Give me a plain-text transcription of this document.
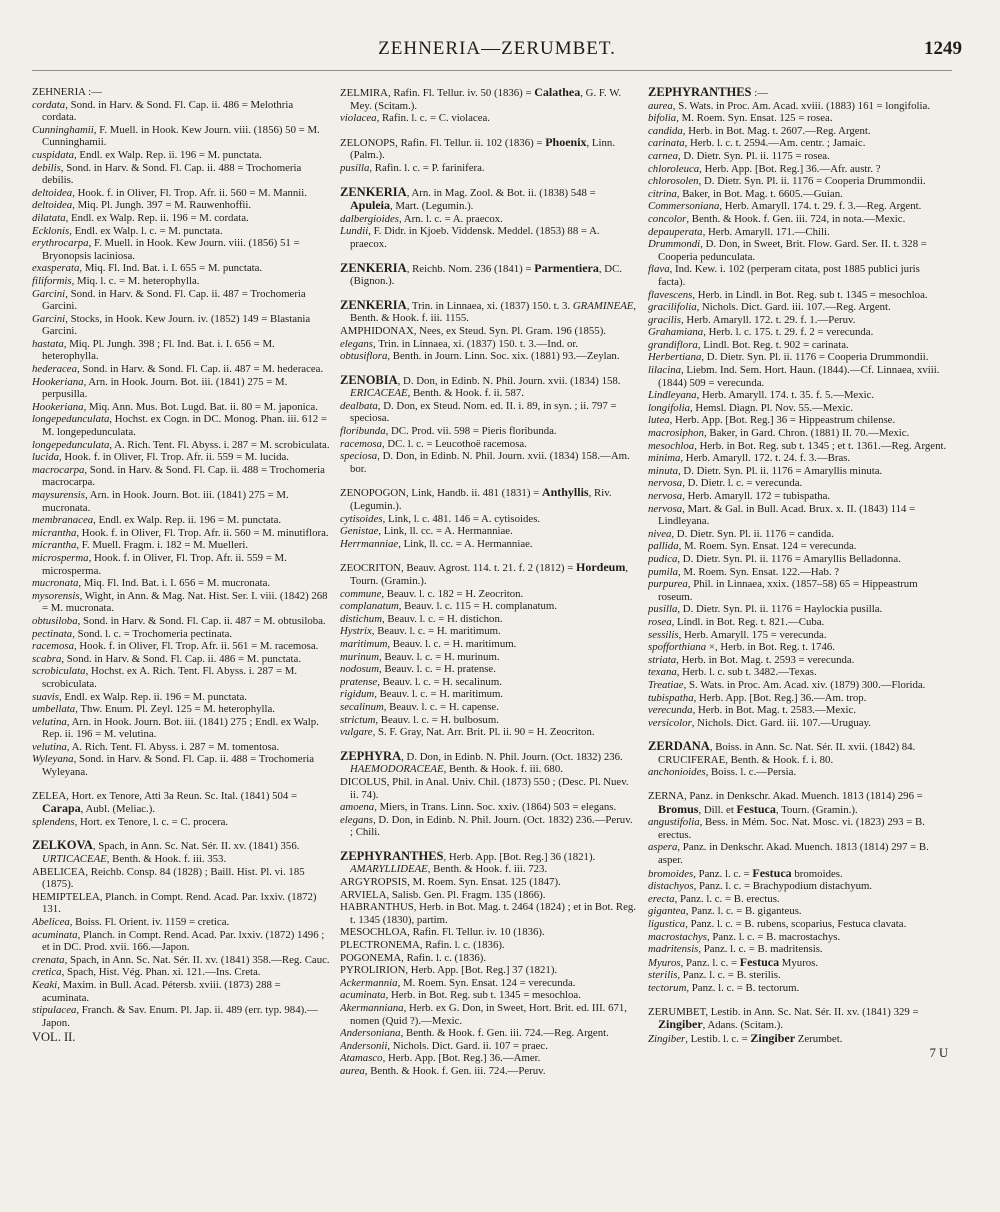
ZEHNERIA—ZERUMBET.	1249

ZEHNERIA :—

cordata, Sond. in Harv. & Sond. Fl. Cap. ii. 486 = Melothria cordata.

Cunninghamii, F. Muell. in Hook. Kew Journ. viii. (1856) 50 = M. Cunninghamii.

cuspidata, Endl. ex Walp. Rep. ii. 196 = M. punctata.

debilis, Sond. in Harv. & Sond. Fl. Cap. ii. 488 = Trochomeria debilis.

deltoidea, Hook. f. in Oliver, Fl. Trop. Afr. ii. 560 = M. Mannii.

deltoidea, Miq. Pl. Jungh. 397 = M. Rauwenhoffii.

dilatata, Endl. ex Walp. Rep. ii. 196 = M. cordata.

Ecklonis, Endl. ex Walp. l. c. = M. punctata.

erythrocarpa, F. Muell. in Hook. Kew Journ. viii. (1856) 51 = Bryonopsis laciniosa.

exasperata, Miq. Fl. Ind. Bat. i. I. 655 = M. punctata.

filiformis, Miq. l. c. = M. heterophylla.

Garcini, Sond. in Harv. & Sond. Fl. Cap. ii. 487 = Trochomeria Garcini.

Garcini, Stocks, in Hook. Kew Journ. iv. (1852) 149 = Blastania Garcini.

hastata, Miq. Pl. Jungh. 398 ; Fl. Ind. Bat. i. I. 656 = M. heterophylla.

hederacea, Sond. in Harv. & Sond. Fl. Cap. ii. 487 = M. hederacea.

Hookeriana, Arn. in Hook. Journ. Bot. iii. (1841) 275 = M. perpusilla.

Hookeriana, Miq. Ann. Mus. Bot. Lugd. Bat. ii. 80 = M. japonica.

longepedunculata, Hochst. ex Cogn. in DC. Monog. Phan. iii. 612 = M. longepedunculata.

longepedunculata, A. Rich. Tent. Fl. Abyss. i. 287 = M. scrobiculata.

lucida, Hook. f. in Oliver, Fl. Trop. Afr. ii. 559 = M. lucida.

macrocarpa, Sond. in Harv. & Sond. Fl. Cap. ii. 488 = Trochomeria macrocarpa.

maysurensis, Arn. in Hook. Journ. Bot. iii. (1841) 275 = M. mucronata.

membranacea, Endl. ex Walp. Rep. ii. 196 = M. punctata.

micrantha, Hook. f. in Oliver, Fl. Trop. Afr. ii. 560 = M. minutiflora.

micrantha, F. Muell. Fragm. i. 182 = M. Muelleri.

microsperma, Hook. f. in Oliver, Fl. Trop. Afr. ii. 559 = M. microsperma.

mucronata, Miq. Fl. Ind. Bat. i. I. 656 = M. mucronata.

mysorensis, Wight, in Ann. & Mag. Nat. Hist. Ser. I. viii. (1842) 268 = M. mucronata.

obtusiloba, Sond. in Harv. & Sond. Fl. Cap. ii. 487 = M. obtusiloba.

pectinata, Sond. l. c. = Trochomeria pectinata.

racemosa, Hook. f. in Oliver, Fl. Trop. Afr. ii. 561 = M. racemosa.

scabra, Sond. in Harv. & Sond. Fl. Cap. ii. 486 = M. punctata.

scrobiculata, Hochst. ex A. Rich. Tent. Fl. Abyss. i. 287 = M. scrobiculata.

suavis, Endl. ex Walp. Rep. ii. 196 = M. punctata.

umbellata, Thw. Enum. Pl. Zeyl. 125 = M. heterophylla.

velutina, Arn. in Hook. Journ. Bot. iii. (1841) 275 ; Endl. ex Walp. Rep. ii. 196 = M. velutina.

velutina, A. Rich. Tent. Fl. Abyss. i. 287 = M. tomentosa.

Wyleyana, Sond. in Harv. & Sond. Fl. Cap. ii. 488 = Trochomeria Wyleyana.

ZELEA, Hort. ex Tenore, Atti 3a Reun. Sc. Ital. (1841) 504 = Carapa, Aubl. (Meliac.).

splendens, Hort. ex Tenore, l. c. = C. procera.

ZELKOVA, Spach, in Ann. Sc. Nat. Sér. II. xv. (1841) 356. URTICACEAE, Benth. & Hook. f. iii. 353.

ABELICEA, Reichb. Consp. 84 (1828) ; Baill. Hist. Pl. vi. 185 (1875).

HEMIPTELEA, Planch. in Compt. Rend. Acad. Par. lxxiv. (1872) 131.

Abelicea, Boiss. Fl. Orient. iv. 1159 = cretica.

acuminata, Planch. in Compt. Rend. Acad. Par. lxxiv. (1872) 1496 ; et in DC. Prod. xvii. 166.—Japon.

crenata, Spach, in Ann. Sc. Nat. Sér. II. xv. (1841) 358.—Reg. Cauc.

cretica, Spach, Hist. Vég. Phan. xi. 121.—Ins. Creta.

Keaki, Maxim. in Bull. Acad. Pétersb. xviii. (1873) 288 = acuminata.

stipulacea, Franch. & Sav. Enum. Pl. Jap. ii. 489 (err. typ. 984).—Japon.

VOL. II.

ZELMIRA, Rafin. Fl. Tellur. iv. 50 (1836) = Calathea, G. F. W. Mey. (Scitam.).

violacea, Rafin. l. c. = C. violacea.

ZELONOPS, Rafin. Fl. Tellur. ii. 102 (1836) = Phoenix, Linn. (Palm.).

pusilla, Rafin. l. c. = P. farinifera.

ZENKERIA, Arn. in Mag. Zool. & Bot. ii. (1838) 548 = Apuleia, Mart. (Legumin.).

dalbergioides, Arn. l. c. = A. praecox.

Lundii, F. Didr. in Kjoeb. Viddensk. Meddel. (1853) 88 = A. praecox.

ZENKERIA, Reichb. Nom. 236 (1841) = Parmentiera, DC. (Bignon.).

ZENKERIA, Trin. in Linnaea, xi. (1837) 150. t. 3. GRAMINEAE, Benth. & Hook. f. iii. 1155.

AMPHIDONAX, Nees, ex Steud. Syn. Pl. Gram. 196 (1855).

elegans, Trin. in Linnaea, xi. (1837) 150. t. 3.—Ind. or.

obtusiflora, Benth. in Journ. Linn. Soc. xix. (1881) 93.—Zeylan.

ZENOBIA, D. Don, in Edinb. N. Phil. Journ. xvii. (1834) 158. ERICACEAE, Benth. & Hook. f. ii. 587.

dealbata, D. Don, ex Steud. Nom. ed. II. i. 89, in syn. ; ii. 797 = speciosa.

floribunda, DC. Prod. vii. 598 = Pieris floribunda.

racemosa, DC. l. c. = Leucothoë racemosa.

speciosa, D. Don, in Edinb. N. Phil. Journ. xvii. (1834) 158.—Am. bor.

ZENOPOGON, Link, Handb. ii. 481 (1831) = Anthyllis, Riv. (Legumin.).

cytisoides, Link, l. c. 481. 146 = A. cytisoides.

Genistae, Link, ll. cc. = A. Hermanniae.

Herrmanniae, Link, ll. cc. = A. Hermanniae.

ZEOCRITON, Beauv. Agrost. 114. t. 21. f. 2 (1812) = Hordeum, Tourn. (Gramin.).

commune, Beauv. l. c. 182 = H. Zeocriton.

complanatum, Beauv. l. c. 115 = H. complanatum.

distichum, Beauv. l. c. = H. distichon.

Hystrix, Beauv. l. c. = H. maritimum.

maritimum, Beauv. l. c. = H. maritimum.

murinum, Beauv. l. c. = H. murinum.

nodosum, Beauv. l. c. = H. pratense.

pratense, Beauv. l. c. = H. secalinum.

rigidum, Beauv. l. c. = H. maritimum.

secalinum, Beauv. l. c. = H. capense.

strictum, Beauv. l. c. = H. bulbosum.

vulgare, S. F. Gray, Nat. Arr. Brit. Pl. ii. 90 = H. Zeocriton.

ZEPHYRA, D. Don, in Edinb. N. Phil. Journ. (Oct. 1832) 236. HAEMODORACEAE, Benth. & Hook. f. iii. 680.

DICOLUS, Phil. in Anal. Univ. Chil. (1873) 550 ; (Desc. Pl. Nuev. ii. 74).

amoena, Miers, in Trans. Linn. Soc. xxiv. (1864) 503 = elegans.

elegans, D. Don, in Edinb. N. Phil. Journ. (Oct. 1832) 236.—Peruv. ; Chili.

ZEPHYRANTHES, Herb. App. [Bot. Reg.] 36 (1821). AMARYLLIDEAE, Benth. & Hook. f. iii. 723.

ARGYROPSIS, M. Roem. Syn. Ensat. 125 (1847).

ARVIELA, Salisb. Gen. Pl. Fragm. 135 (1866).

HABRANTHUS, Herb. in Bot. Mag. t. 2464 (1824) ; et in Bot. Reg. t. 1345 (1830), partim.

MESOCHLOA, Rafin. Fl. Tellur. iv. 10 (1836).

PLECTRONEMA, Rafin. l. c. (1836).

POGONEMA, Rafin. l. c. (1836).

PYROLIRION, Herb. App. [Bot. Reg.] 37 (1821).

Ackermannia, M. Roem. Syn. Ensat. 124 = verecunda.

acuminata, Herb. in Bot. Reg. sub t. 1345 = mesochloa.

Akermanniana, Herb. ex G. Don, in Sweet, Hort. Brit. ed. III. 671, nomen (Quid ?).—Mexic.

Andersoniana, Benth. & Hook. f. Gen. iii. 724.—Reg. Argent.

Andersonii, Nichols. Dict. Gard. ii. 107 = praec.

Atamasco, Herb. App. [Bot. Reg.] 36.—Amer.

aurea, Benth. & Hook. f. Gen. iii. 724.—Peruv.

ZEPHYRANTHES :—

aurea, S. Wats. in Proc. Am. Acad. xviii. (1883) 161 = longifolia.

bifolia, M. Roem. Syn. Ensat. 125 = rosea.

candida, Herb. in Bot. Mag. t. 2607.—Reg. Argent.

carinata, Herb. l. c. t. 2594.—Am. centr. ; Jamaic.

carnea, D. Dietr. Syn. Pl. ii. 1175 = rosea.

chloroleuca, Herb. App. [Bot. Reg.] 36.—Afr. austr. ?

chlorosolen, D. Dietr. Syn. Pl. ii. 1176 = Cooperia Drummondii.

citrina, Baker, in Bot. Mag. t. 6605.—Guian.

Commersoniana, Herb. Amaryll. 174. t. 29. f. 3.—Reg. Argent.

concolor, Benth. & Hook. f. Gen. iii. 724, in nota.—Mexic.

depauperata, Herb. Amaryll. 171.—Chili.

Drummondi, D. Don, in Sweet, Brit. Flow. Gard. Ser. II. t. 328 = Cooperia pedunculata.

flava, Ind. Kew. i. 102 (perperam citata, post 1885 publici juris facta).

flavescens, Herb. in Lindl. in Bot. Reg. sub t. 1345 = mesochloa.

gracilifolia, Nichols. Dict. Gard. iii. 107.—Reg. Argent.

gracilis, Herb. Amaryll. 172. t. 29. f. 1.—Peruv.

Grahamiana, Herb. l. c. 175. t. 29. f. 2 = verecunda.

grandiflora, Lindl. Bot. Reg. t. 902 = carinata.

Herbertiana, D. Dietr. Syn. Pl. ii. 1176 = Cooperia Drummondii.

lilacina, Liebm. Ind. Sem. Hort. Haun. (1844).—Cf. Linnaea, xviii. (1844) 509 = verecunda.

Lindleyana, Herb. Amaryll. 174. t. 35. f. 5.—Mexic.

longifolia, Hemsl. Diagn. Pl. Nov. 55.—Mexic.

lutea, Herb. App. [Bot. Reg.] 36 = Hippeastrum chilense.

macrosiphon, Baker, in Gard. Chron. (1881) II. 70.—Mexic.

mesochloa, Herb. in Bot. Reg. sub t. 1345 ; et t. 1361.—Reg. Argent.

minima, Herb. Amaryll. 172. t. 24. f. 3.—Bras.

minuta, D. Dietr. Syn. Pl. ii. 1176 = Amaryllis minuta.

nervosa, D. Dietr. l. c. = verecunda.

nervosa, Herb. Amaryll. 172 = tubispatha.

nervosa, Mart. & Gal. in Bull. Acad. Brux. x. II. (1843) 114 = Lindleyana.

nivea, D. Dietr. Syn. Pl. ii. 1176 = candida.

pallida, M. Roem. Syn. Ensat. 124 = verecunda.

pudica, D. Dietr. Syn. Pl. ii. 1176 = Amaryllis Belladonna.

pumila, M. Roem. Syn. Ensat. 122.—Hab. ?

purpurea, Phil. in Linnaea, xxix. (1857–58) 65 = Hippeastrum roseum.

pusilla, D. Dietr. Syn. Pl. ii. 1176 = Haylockia pusilla.

rosea, Lindl. in Bot. Reg. t. 821.—Cuba.

sessilis, Herb. Amaryll. 175 = verecunda.

spofforthiana ×, Herb. in Bot. Reg. t. 1746.

striata, Herb. in Bot. Mag. t. 2593 = verecunda.

texana, Herb. l. c. sub t. 3482.—Texas.

Treatiae, S. Wats. in Proc. Am. Acad. xiv. (1879) 300.—Florida.

tubispatha, Herb. App. [Bot. Reg.] 36.—Am. trop.

verecunda, Herb. in Bot. Mag. t. 2583.—Mexic.

versicolor, Nichols. Dict. Gard. iii. 107.—Uruguay.

ZERDANA, Boiss. in Ann. Sc. Nat. Sér. II. xvii. (1842) 84. CRUCIFERAE, Benth. & Hook. f. i. 80.

anchonioides, Boiss. l. c.—Persia.

ZERNA, Panz. in Denkschr. Akad. Muench. 1813 (1814) 296 = Bromus, Dill. et Festuca, Tourn. (Gramin.).

angustifolia, Bess. in Mém. Soc. Nat. Mosc. vi. (1823) 293 = B. erectus.

aspera, Panz. in Denkschr. Akad. Muench. 1813 (1814) 297 = B. asper.

bromoides, Panz. l. c. = Festuca bromoides.

distachyos, Panz. l. c. = Brachypodium distachyum.

erecta, Panz. l. c. = B. erectus.

gigantea, Panz. l. c. = B. giganteus.

ligustica, Panz. l. c. = B. rubens, scoparius, Festuca clavata.

macrostachys, Panz. l. c. = B. macrostachys.

madritensis, Panz. l. c. = B. madritensis.

Myuros, Panz. l. c. = Festuca Myuros.

sterilis, Panz. l. c. = B. sterilis.

tectorum, Panz. l. c. = B. tectorum.

ZERUMBET, Lestib. in Ann. Sc. Nat. Sér. II. xv. (1841) 329 = Zingiber, Adans. (Scitam.).

Zingiber, Lestib. l. c. = Zingiber Zerumbet.

7 U
